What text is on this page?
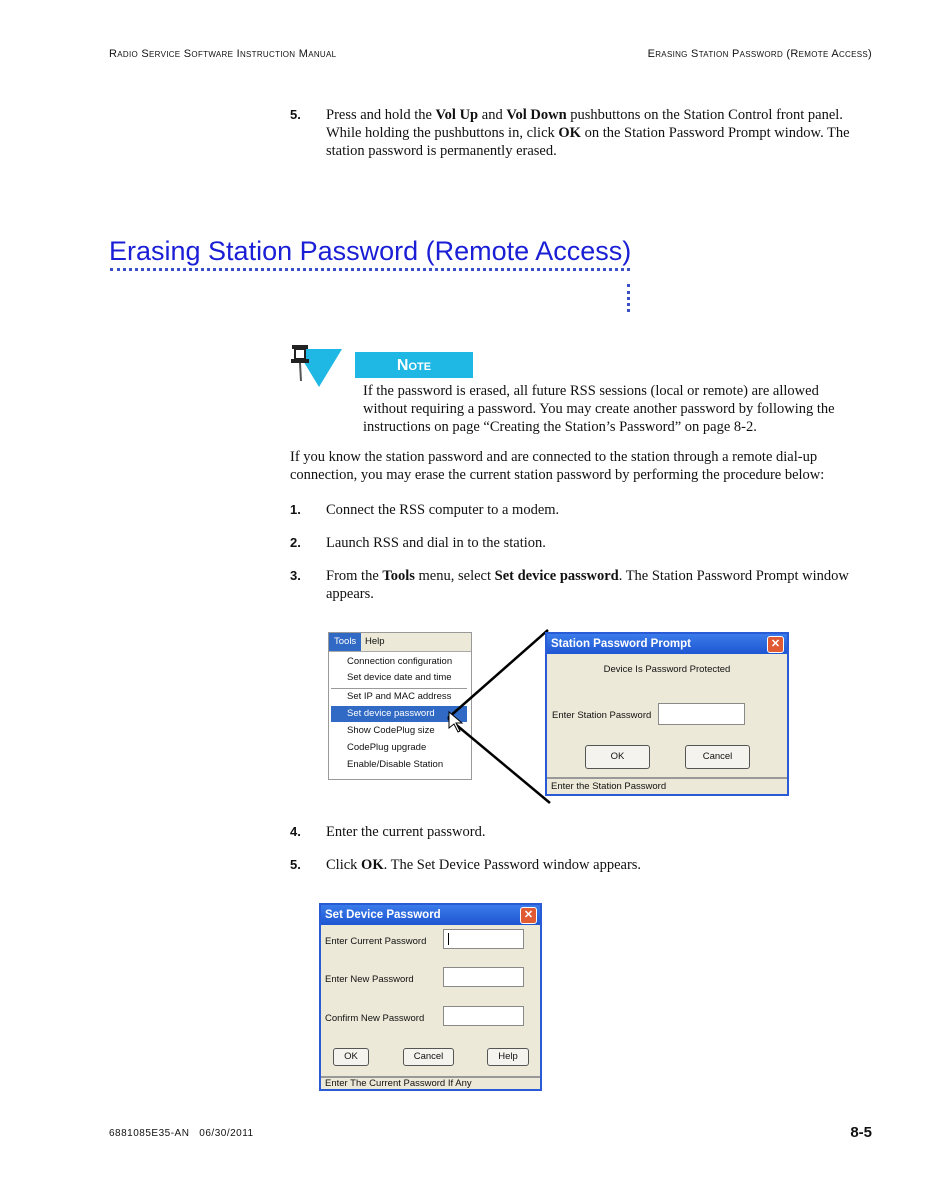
Radio Service Software Instruction Manual	Erasing Station Password (Remote Access)
5. Press and hold the Vol Up and Vol Down pushbuttons on the Station Control front panel. While holding the pushbuttons in, click OK on the Station Password Prompt window. The station password is permanently erased.
Erasing Station Password (Remote Access)
Note
If the password is erased, all future RSS sessions (local or remote) are allowed without requiring a password. You may create another password by following the instructions on page “Creating the Station’s Password” on page 8-2.
If you know the station password and are connected to the station through a remote dial-up connection, you may erase the current station password by performing the procedure below:
1. Connect the RSS computer to a modem.
2. Launch RSS and dial in to the station.
3. From the Tools menu, select Set device password. The Station Password Prompt window appears.
Tools Help
Connection configuration
Set device date and time
Set IP and MAC address
Set device password
Show CodePlug size
CodePlug upgrade
Enable/Disable Station
Station Password Prompt	✕
Device Is Password Protected
Enter Station Password
OK	Cancel
Enter the Station Password
4. Enter the current password.
5. Click OK. The Set Device Password window appears.
Set Device Password	✕
Enter Current Password
Enter New Password
Confirm New Password
OK	Cancel	Help
Enter The Current Password If Any
6881085E35-AN 06/30/2011	8-5
